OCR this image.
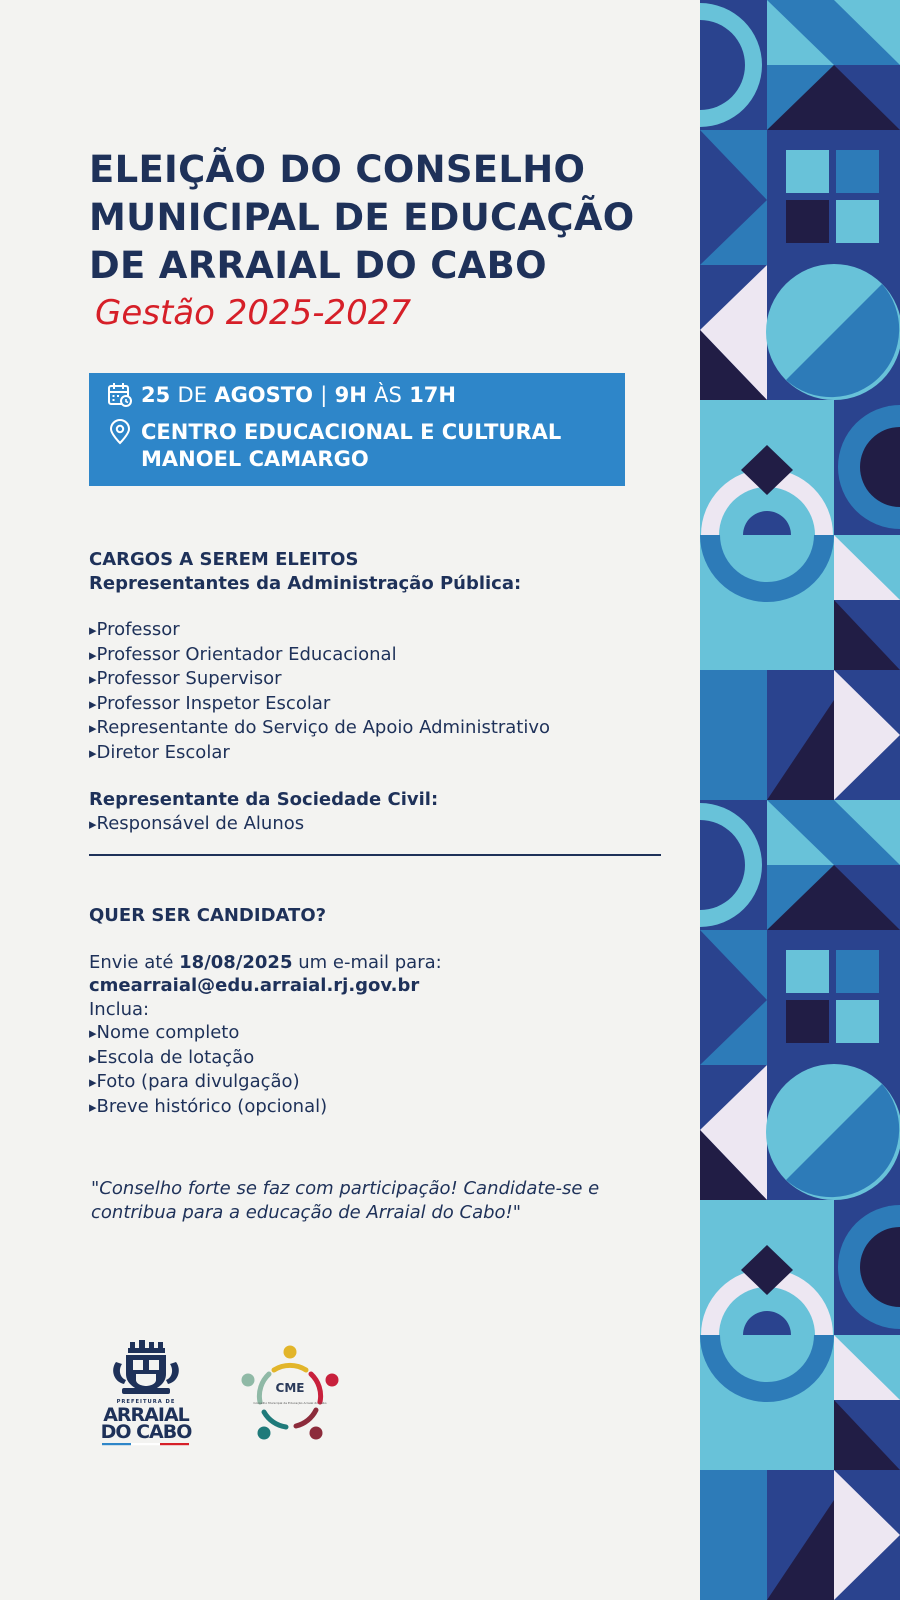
ELEIÇÃO DO CONSELHO
MUNICIPAL DE EDUCAÇÃO
DE ARRAIAL DO CABO
Gestão 2025-2027
25 DE AGOSTO | 9H ÀS 17H
CENTRO EDUCACIONAL E CULTURAL
MANOEL CAMARGO
CARGOS A SEREM ELEITOS
Representantes da Administração Pública:
▸ Professor
▸ Professor Orientador Educacional
▸ Professor Supervisor
▸ Professor Inspetor Escolar
▸ Representante do Serviço de Apoio Administrativo
▸ Diretor Escolar
Representante da Sociedade Civil:
▸ Responsável de Alunos
QUER SER CANDIDATO?
Envie até 18/08/2025 um e-mail para:
cmearraial@edu.arraial.rj.gov.br
Inclua:
▸ Nome completo
▸ Escola de lotação
▸ Foto (para divulgação)
▸ Breve histórico (opcional)
"Conselho forte se faz com participação! Candidate-se e contribua para a educação de Arraial do Cabo!"
PREFEITURA DE
ARRAIAL
DO CABO
CME
Conselho Municipal de Educação Arraial do Cabo
